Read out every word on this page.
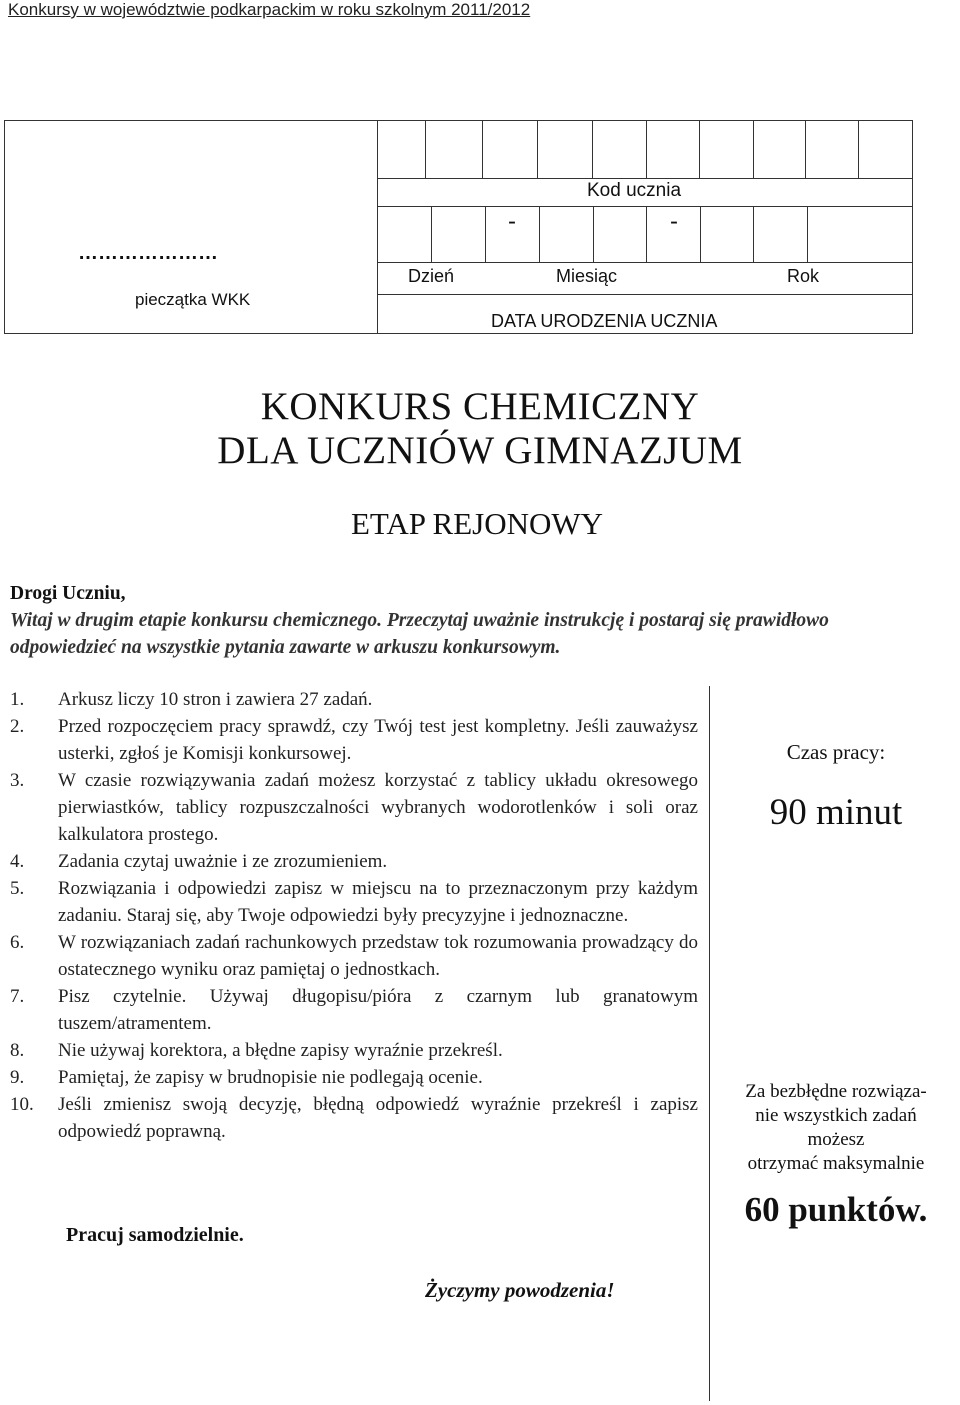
Konkursy w województwie podkarpackim w roku szkolnym 2011/2012
Kod ucznia
-	-
Dzień	Miesiąc	Rok
DATA URODZENIA UCZNIA
…………………
pieczątka WKK
KONKURS CHEMICZNY
DLA UCZNIÓW GIMNAZJUM
ETAP REJONOWY
Drogi Uczniu,
Witaj w drugim etapie konkursu chemicznego. Przeczytaj uważnie instrukcję i postaraj się prawidłowo odpowiedzieć na wszystkie pytania zawarte w arkuszu konkursowym.
1.	Arkusz liczy 10 stron i zawiera 27 zadań.
2.	Przed rozpoczęciem pracy sprawdź, czy Twój test jest kompletny. Jeśli zauważysz usterki, zgłoś je Komisji konkursowej.
3.	W czasie rozwiązywania zadań możesz korzystać z tablicy układu okresowego pierwiastków, tablicy rozpuszczalności wybranych wodorotlenków i soli oraz kalkulatora prostego.
4.	Zadania czytaj uważnie i ze zrozumieniem.
5.	Rozwiązania i odpowiedzi zapisz w miejscu na to przeznaczonym przy każdym zadaniu. Staraj się, aby Twoje odpowiedzi były precyzyjne i jednoznaczne.
6.	W rozwiązaniach zadań rachunkowych przedstaw tok rozumowania prowadzący do ostatecznego wyniku oraz pamiętaj o jednostkach.
7.	Pisz czytelnie. Używaj długopisu/pióra z czarnym lub granatowym tuszem/atramentem.
8.	Nie używaj korektora, a błędne zapisy wyraźnie przekreśl.
9.	Pamiętaj, że zapisy w brudnopisie nie podlegają ocenie.
10.	Jeśli zmienisz swoją decyzję, błędną odpowiedź wyraźnie przekreśl i zapisz odpowiedź poprawną.
Pracuj samodzielnie.
Życzymy powodzenia!
Czas pracy:
90 minut
Za bezbłędne rozwiąza-
nie wszystkich zadań
możesz
otrzymać maksymalnie
60 punktów.
